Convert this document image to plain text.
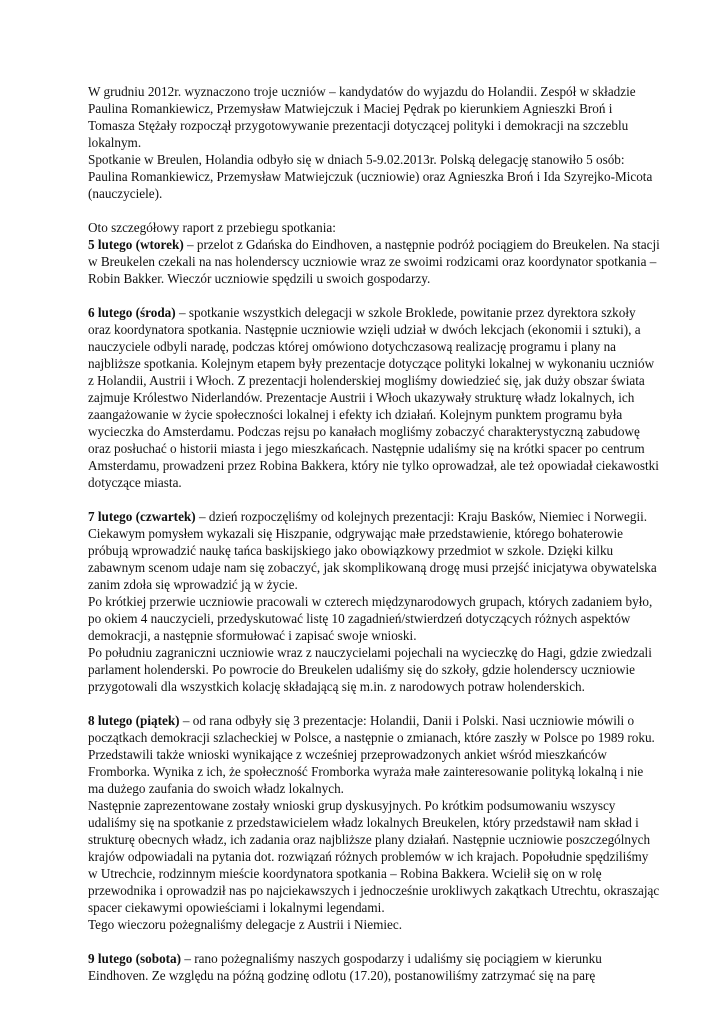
W grudniu 2012r. wyznaczono troje uczniów – kandydatów do wyjazdu do Holandii. Zespół w składzie Paulina Romankiewicz, Przemysław Matwiejczuk i Maciej Pędrak po kierunkiem Agnieszki Broń i Tomasza Stężały rozpoczął przygotowywanie prezentacji dotyczącej polityki i demokracji na szczeblu lokalnym.

Spotkanie w Breulen, Holandia odbyło się w dniach 5-9.02.2013r. Polską delegację stanowiło 5 osób: Paulina Romankiewicz, Przemysław Matwiejczuk (uczniowie) oraz Agnieszka Broń i Ida Szyrejko-Micota (nauczyciele).

Oto szczegółowy raport z przebiegu spotkania:

5 lutego (wtorek) – przelot z Gdańska do Eindhoven, a następnie podróż pociągiem do Breukelen. Na stacji w Breukelen czekali na nas holenderscy uczniowie wraz ze swoimi rodzicami oraz koordynator spotkania – Robin Bakker. Wieczór uczniowie spędzili u swoich gospodarzy.

6 lutego (środa) – spotkanie wszystkich delegacji w szkole Broklede, powitanie przez dyrektora szkoły oraz koordynatora spotkania. Następnie uczniowie wzięli udział w dwóch lekcjach (ekonomii i sztuki), a nauczyciele odbyli naradę, podczas której omówiono dotychczasową realizację programu i plany na najbliższe spotkania. Kolejnym etapem były prezentacje dotyczące polityki lokalnej w wykonaniu uczniów z Holandii, Austrii i Włoch. Z prezentacji holenderskiej mogliśmy dowiedzieć się, jak duży obszar świata zajmuje Królestwo Niderlandów. Prezentacje Austrii i Włoch ukazywały strukturę władz lokalnych, ich zaangażowanie w życie społeczności lokalnej i efekty ich działań. Kolejnym punktem programu była wycieczka do Amsterdamu. Podczas rejsu po kanałach mogliśmy zobaczyć charakterystyczną zabudowę oraz posłuchać o historii miasta i jego mieszkańcach. Następnie udaliśmy się na krótki spacer po centrum Amsterdamu, prowadzeni przez Robina Bakkera, który nie tylko oprowadzał, ale też opowiadał ciekawostki dotyczące miasta.

7 lutego (czwartek) – dzień rozpoczęliśmy od kolejnych prezentacji: Kraju Basków, Niemiec i Norwegii. Ciekawym pomysłem wykazali się Hiszpanie, odgrywając małe przedstawienie, którego bohaterowie próbują wprowadzić naukę tańca baskijskiego jako obowiązkowy przedmiot w szkole. Dzięki kilku zabawnym scenom udaje nam się zobaczyć, jak skomplikowaną drogę musi przejść inicjatywa obywatelska zanim zdoła się wprowadzić ją w życie.

Po krótkiej przerwie uczniowie pracowali w czterech międzynarodowych grupach, których zadaniem było, po okiem 4 nauczycieli, przedyskutować listę 10 zagadnień/stwierdzeń dotyczących różnych aspektów demokracji, a następnie sformułować i zapisać swoje wnioski.

Po południu zagraniczni uczniowie wraz z nauczycielami pojechali na wycieczkę do Hagi, gdzie zwiedzali parlament holenderski. Po powrocie do Breukelen udaliśmy się do szkoły, gdzie holenderscy uczniowie przygotowali dla wszystkich kolację składającą się m.in. z narodowych potraw holenderskich.

8 lutego (piątek) – od rana odbyły się 3 prezentacje: Holandii, Danii i Polski. Nasi uczniowie mówili o początkach demokracji szlacheckiej w Polsce, a następnie o zmianach, które zaszły w Polsce po 1989 roku. Przedstawili także wnioski wynikające z wcześniej przeprowadzonych ankiet wśród mieszkańców Fromborka. Wynika z ich, że społeczność Fromborka wyraża małe zainteresowanie polityką lokalną i nie ma dużego zaufania do swoich władz lokalnych.

Następnie zaprezentowane zostały wnioski grup dyskusyjnych. Po krótkim podsumowaniu wszyscy udaliśmy się na spotkanie z przedstawicielem władz lokalnych Breukelen, który przedstawił nam skład i strukturę obecnych władz, ich zadania oraz najbliższe plany działań. Następnie uczniowie poszczególnych krajów odpowiadali na pytania dot. rozwiązań różnych problemów w ich krajach. Popołudnie spędziliśmy w Utrechcie, rodzinnym mieście koordynatora spotkania – Robina Bakkera. Wcielił się on w rolę przewodnika i oprowadził nas po najciekawszych i jednocześnie urokliwych zakątkach Utrechtu, okraszając spacer ciekawymi opowieściami i lokalnymi legendami.

Tego wieczoru pożegnaliśmy delegacje z Austrii i Niemiec.

9 lutego (sobota) – rano pożegnaliśmy naszych gospodarzy i udaliśmy się pociągiem w kierunku Eindhoven. Ze względu na późną godzinę odlotu (17.20), postanowiliśmy zatrzymać się na parę
